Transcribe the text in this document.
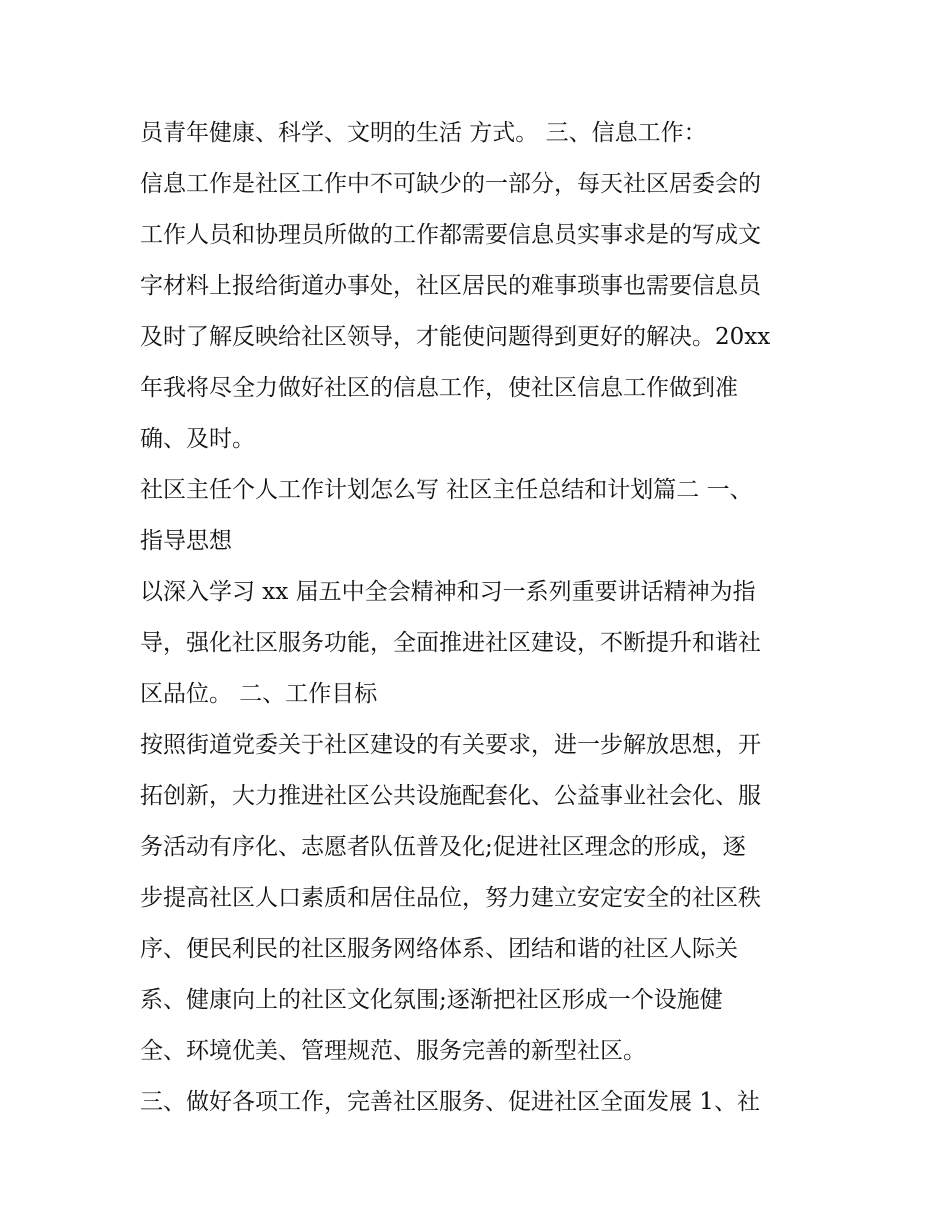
员青年健康、科学、文明的生活 方式。 三、信息工作：

信息工作是社区工作中不可缺少的一部分，每天社区居委会的

工作人员和协理员所做的工作都需要信息员实事求是的写成文

字材料上报给街道办事处，社区居民的难事琐事也需要信息员

及时了解反映给社区领导，才能使问题得到更好的解决。20xx

年我将尽全力做好社区的信息工作，使社区信息工作做到准

确、及时。

社区主任个人工作计划怎么写 社区主任总结和计划篇二 一、

指导思想

以深入学习 xx 届五中全会精神和习一系列重要讲话精神为指

导，强化社区服务功能，全面推进社区建设，不断提升和谐社

区品位。 二、工作目标

按照街道党委关于社区建设的有关要求，进一步解放思想，开

拓创新，大力推进社区公共设施配套化、公益事业社会化、服

务活动有序化、志愿者队伍普及化;促进社区理念的形成，逐

步提高社区人口素质和居住品位，努力建立安定安全的社区秩

序、便民利民的社区服务网络体系、团结和谐的社区人际关

系、健康向上的社区文化氛围;逐渐把社区形成一个设施健

全、环境优美、管理规范、服务完善的新型社区。

三、做好各项工作，完善社区服务、促进社区全面发展 1、社
